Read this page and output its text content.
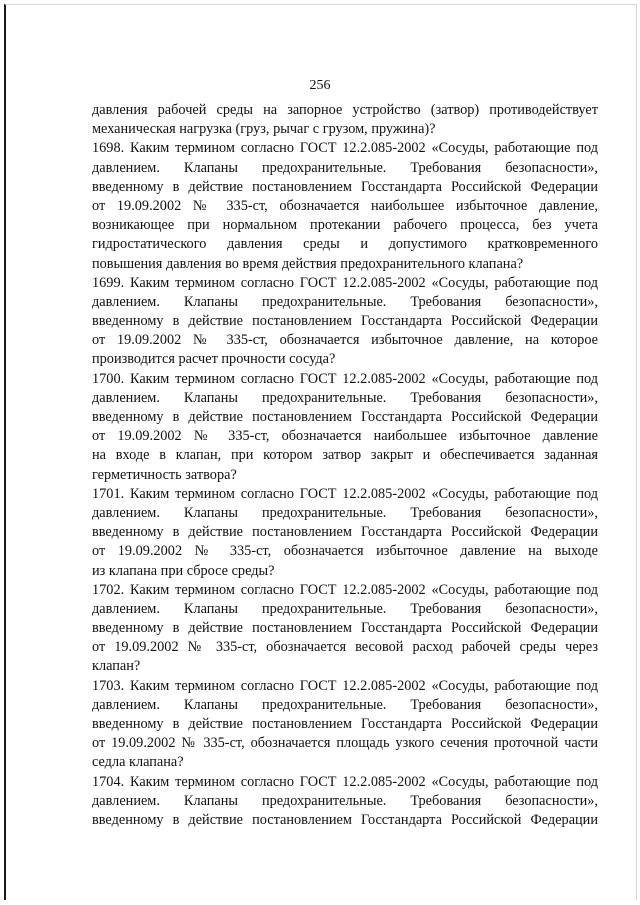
256
давления рабочей среды на запорное устройство (затвор) противодействует
механическая нагрузка (груз, рычаг с грузом, пружина)?
1698. Каким термином согласно ГОСТ 12.2.085-2002 «Сосуды, работающие под
давлением. Клапаны предохранительные. Требования безопасности»,
введенному в действие постановлением Госстандарта Российской Федерации
от 19.09.2002 № 335-ст, обозначается наибольшее избыточное давление,
возникающее при нормальном протекании рабочего процесса, без учета
гидростатического давления среды и допустимого кратковременного
повышения давления во время действия предохранительного клапана?
1699. Каким термином согласно ГОСТ 12.2.085-2002 «Сосуды, работающие под
давлением. Клапаны предохранительные. Требования безопасности»,
введенному в действие постановлением Госстандарта Российской Федерации
от 19.09.2002 № 335-ст, обозначается избыточное давление, на которое
производится расчет прочности сосуда?
1700. Каким термином согласно ГОСТ 12.2.085-2002 «Сосуды, работающие под
давлением. Клапаны предохранительные. Требования безопасности»,
введенному в действие постановлением Госстандарта Российской Федерации
от 19.09.2002 № 335-ст, обозначается наибольшее избыточное давление
на входе в клапан, при котором затвор закрыт и обеспечивается заданная
герметичность затвора?
1701. Каким термином согласно ГОСТ 12.2.085-2002 «Сосуды, работающие под
давлением. Клапаны предохранительные. Требования безопасности»,
введенному в действие постановлением Госстандарта Российской Федерации
от 19.09.2002 № 335-ст, обозначается избыточное давление на выходе
из клапана при сбросе среды?
1702. Каким термином согласно ГОСТ 12.2.085-2002 «Сосуды, работающие под
давлением. Клапаны предохранительные. Требования безопасности»,
введенному в действие постановлением Госстандарта Российской Федерации
от 19.09.2002 № 335-ст, обозначается весовой расход рабочей среды через
клапан?
1703. Каким термином согласно ГОСТ 12.2.085-2002 «Сосуды, работающие под
давлением. Клапаны предохранительные. Требования безопасности»,
введенному в действие постановлением Госстандарта Российской Федерации
от 19.09.2002 № 335-ст, обозначается площадь узкого сечения проточной части
седла клапана?
1704. Каким термином согласно ГОСТ 12.2.085-2002 «Сосуды, работающие под
давлением. Клапаны предохранительные. Требования безопасности»,
введенному в действие постановлением Госстандарта Российской Федерации
